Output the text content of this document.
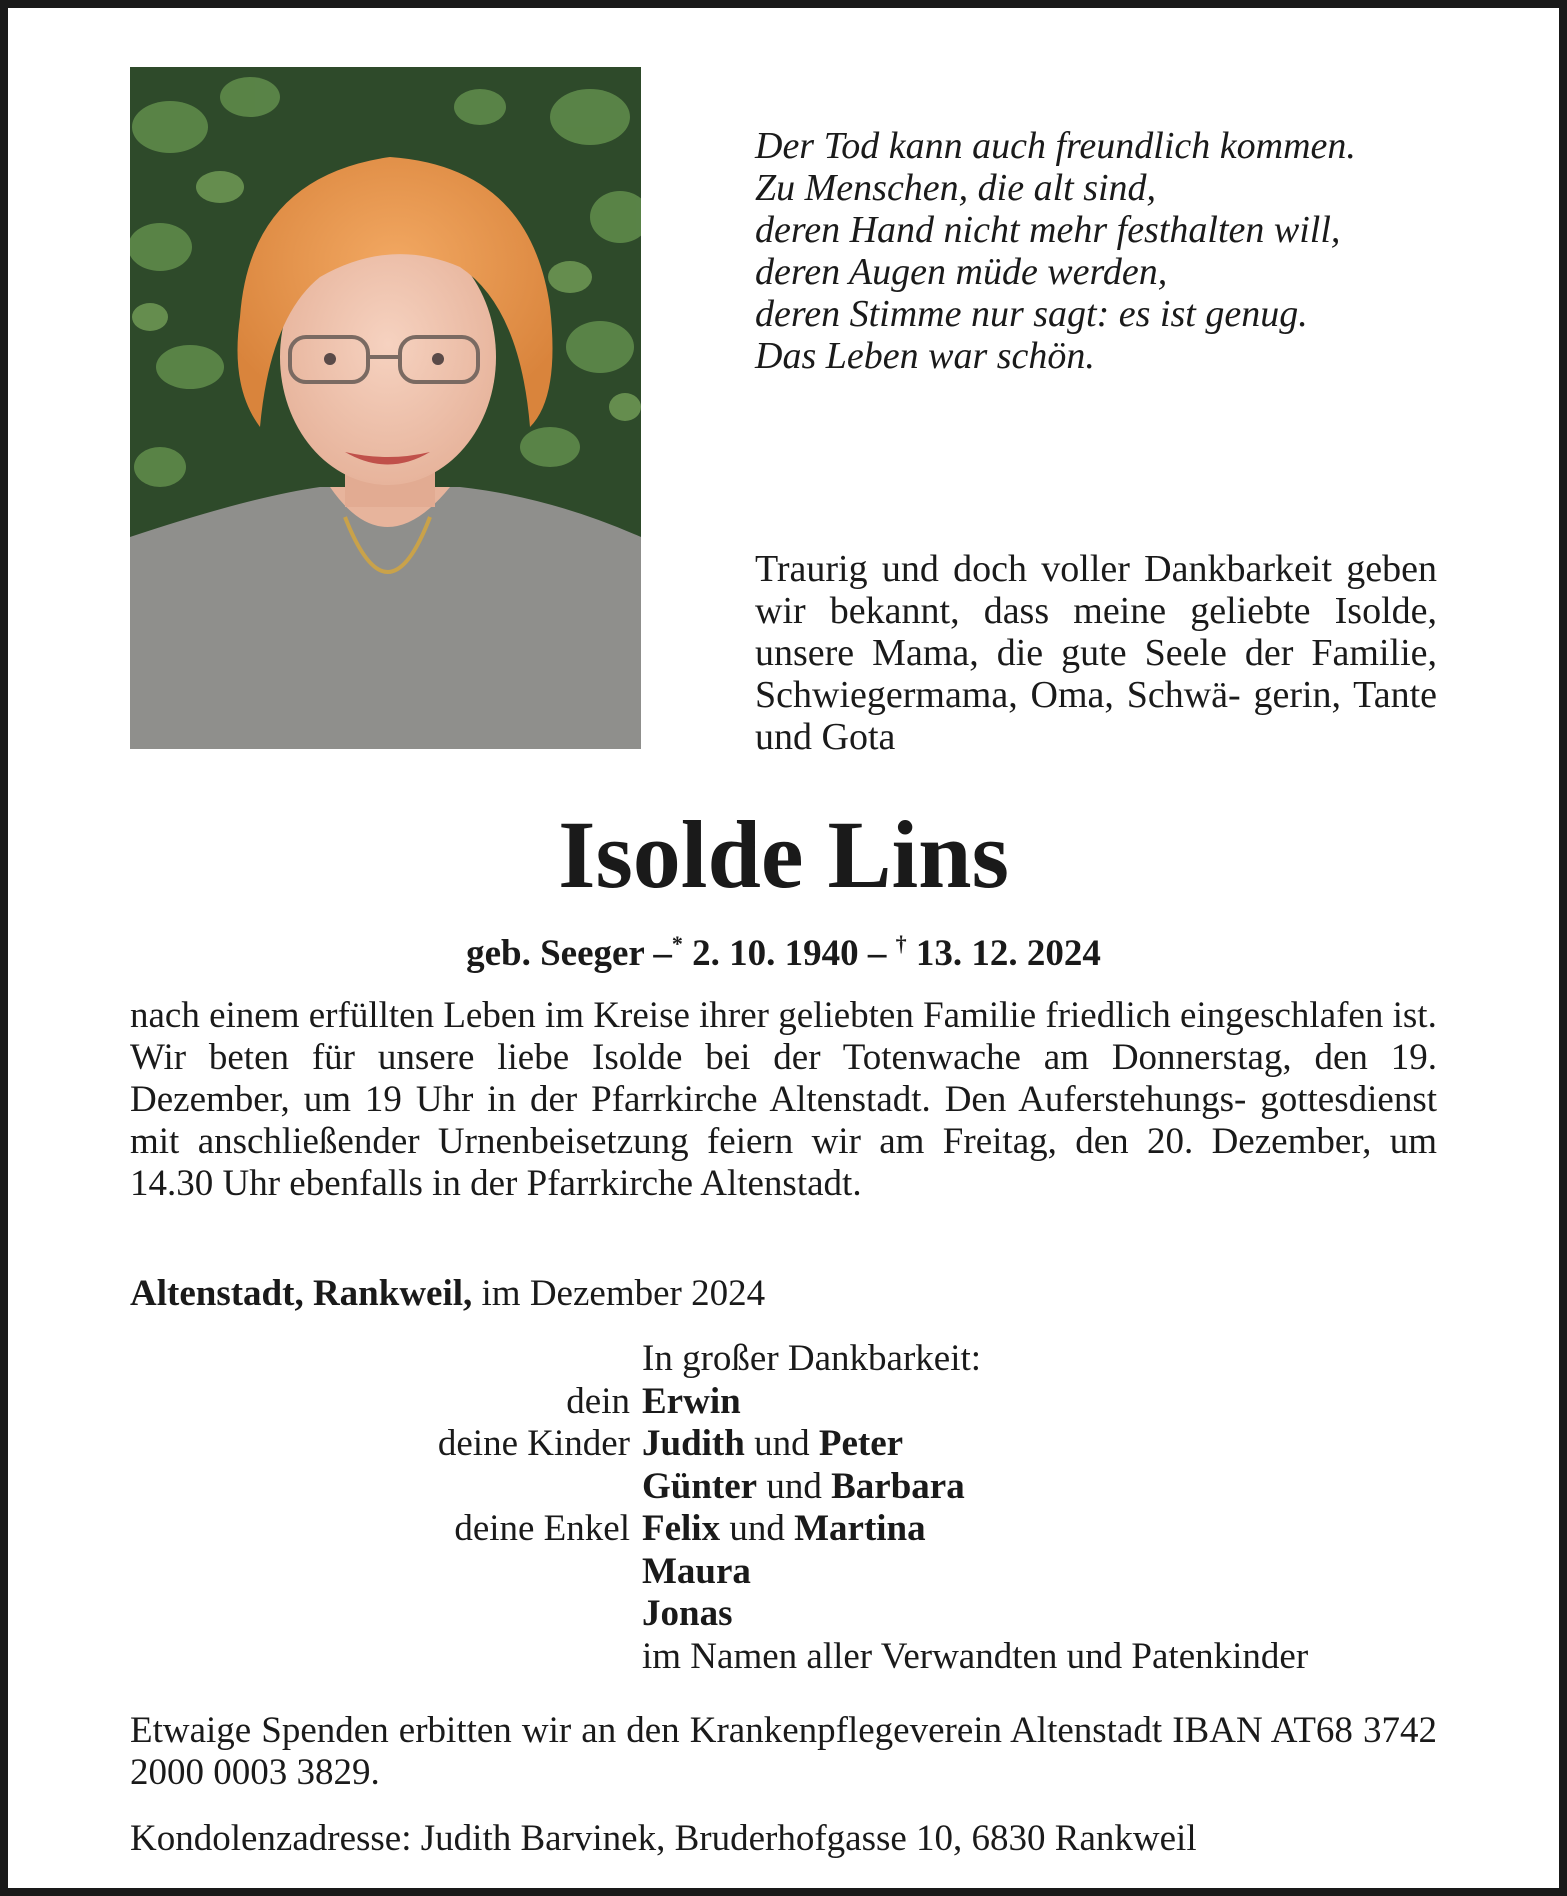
Der Tod kann auch freundlich kommen.
Zu Menschen, die alt sind,
deren Hand nicht mehr festhalten will,
deren Augen müde werden,
deren Stimme nur sagt: es ist genug.
Das Leben war schön.

Traurig und doch voller Dankbarkeit geben wir bekannt, dass meine geliebte Isolde, unsere Mama, die gute Seele der Familie, Schwiegermama, Oma, Schwä- gerin, Tante und Gota

Isolde Lins

geb. Seeger –* 2. 10. 1940 – † 13. 12. 2024

nach einem erfüllten Leben im Kreise ihrer geliebten Familie friedlich eingeschlafen ist.

Wir beten für unsere liebe Isolde bei der Totenwache am Donnerstag, den 19. Dezember, um 19 Uhr in der Pfarrkirche Altenstadt. Den Auferstehungs- gottesdienst mit anschließender Urnenbeisetzung feiern wir am Freitag, den 20. Dezember, um 14.30 Uhr ebenfalls in der Pfarrkirche Altenstadt.

Altenstadt, Rankweil, im Dezember 2024

In großer Dankbarkeit:
dein Erwin
deine Kinder Judith und Peter
Günter und Barbara
deine Enkel Felix und Martina
Maura
Jonas
im Namen aller Verwandten und Patenkinder

Etwaige Spenden erbitten wir an den Krankenpflegeverein Altenstadt IBAN AT68 3742 2000 0003 3829.

Kondolenzadresse: Judith Barvinek, Bruderhofgasse 10, 6830 Rankweil
